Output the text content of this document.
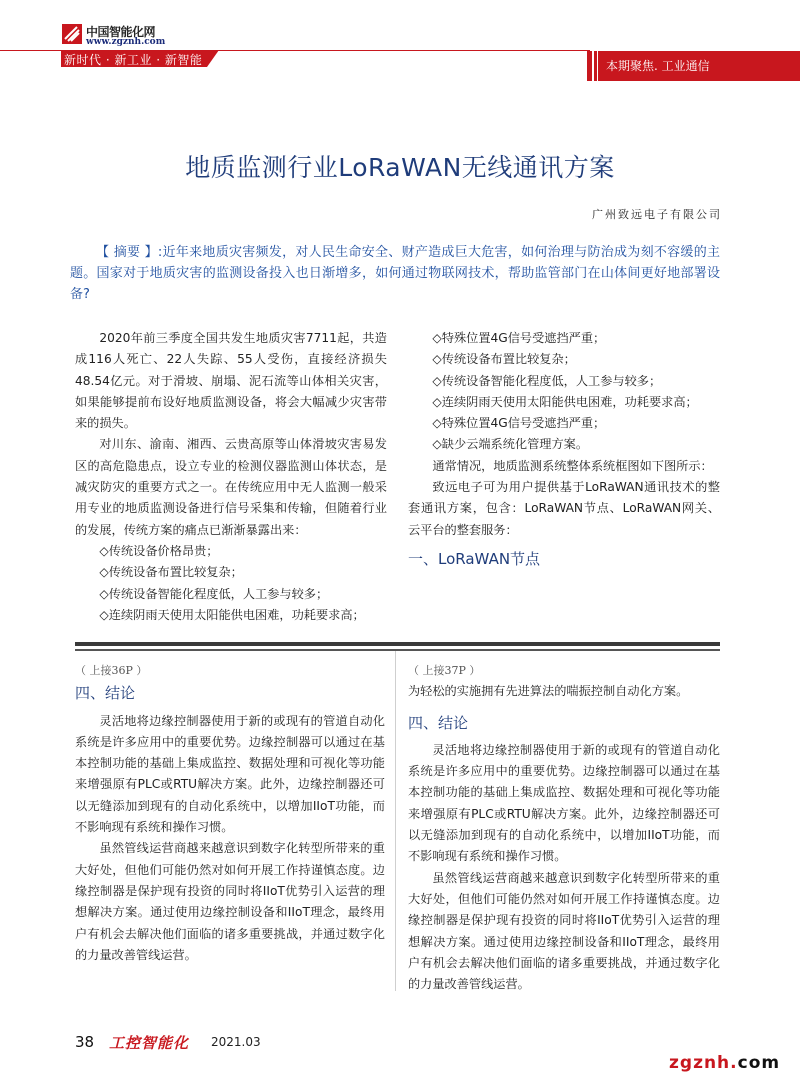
中国智能化网
www.zgznh.com
新时代 · 新工业 · 新智能	本期聚焦. 工业通信
地质监测行业LoRaWAN无线通讯方案
广州致远电子有限公司
【 摘要 】:近年来地质灾害频发，对人民生命安全、财产造成巨大危害，如何治理与防治成为刻不容缓的主题。国家对于地质灾害的监测设备投入也日渐增多，如何通过物联网技术，帮助监管部门在山体间更好地部署设备?

2020年前三季度全国共发生地质灾害7711起，共造成116人死亡、22人失踪、55人受伤，直接经济损失48.54亿元。对于滑坡、崩塌、泥石流等山体相关灾害，如果能够提前布设好地质监测设备，将会大幅减少灾害带来的损失。

对川东、渝南、湘西、云贵高原等山体滑坡灾害易发区的高危隐患点，设立专业的检测仪器监测山体状态，是减灾防灾的重要方式之一。在传统应用中无人监测一般采用专业的地质监测设备进行信号采集和传输，但随着行业的发展，传统方案的痛点已渐渐暴露出来：

◇传统设备价格昂贵；

◇传统设备布置比较复杂；

◇传统设备智能化程度低，人工参与较多；

◇连续阴雨天使用太阳能供电困难，功耗要求高；

◇特殊位置4G信号受遮挡严重；

◇传统设备布置比较复杂；

◇传统设备智能化程度低，人工参与较多；

◇连续阴雨天使用太阳能供电困难，功耗要求高；

◇特殊位置4G信号受遮挡严重；

◇缺少云端系统化管理方案。

通常情况，地质监测系统整体系统框图如下图所示：

致远电子可为用户提供基于LoRaWAN通讯技术的整套通讯方案，包含：LoRaWAN节点、LoRaWAN网关、云平台的整套服务：

一、LoRaWAN节点

（ 上接36P ）

四、结论

灵活地将边缘控制器使用于新的或现有的管道自动化系统是许多应用中的重要优势。边缘控制器可以通过在基本控制功能的基础上集成监控、数据处理和可视化等功能来增强原有PLC或RTU解决方案。此外，边缘控制器还可以无缝添加到现有的自动化系统中，以增加IIoT功能，而不影响现有系统和操作习惯。

虽然管线运营商越来越意识到数字化转型所带来的重大好处，但他们可能仍然对如何开展工作持谨慎态度。边缘控制器是保护现有投资的同时将IIoT优势引入运营的理想解决方案。通过使用边缘控制设备和IIoT理念，最终用户有机会去解决他们面临的诸多重要挑战，并通过数字化的力量改善管线运营。

（ 上接37P ）

为轻松的实施拥有先进算法的喘振控制自动化方案。

四、结论

灵活地将边缘控制器使用于新的或现有的管道自动化系统是许多应用中的重要优势。边缘控制器可以通过在基本控制功能的基础上集成监控、数据处理和可视化等功能来增强原有PLC或RTU解决方案。此外，边缘控制器还可以无缝添加到现有的自动化系统中，以增加IIoT功能，而不影响现有系统和操作习惯。

虽然管线运营商越来越意识到数字化转型所带来的重大好处，但他们可能仍然对如何开展工作持谨慎态度。边缘控制器是保护现有投资的同时将IIoT优势引入运营的理想解决方案。通过使用边缘控制设备和IIoT理念，最终用户有机会去解决他们面临的诸多重要挑战，并通过数字化的力量改善管线运营。

38 工控智能化 2021.03
zgznh.com
